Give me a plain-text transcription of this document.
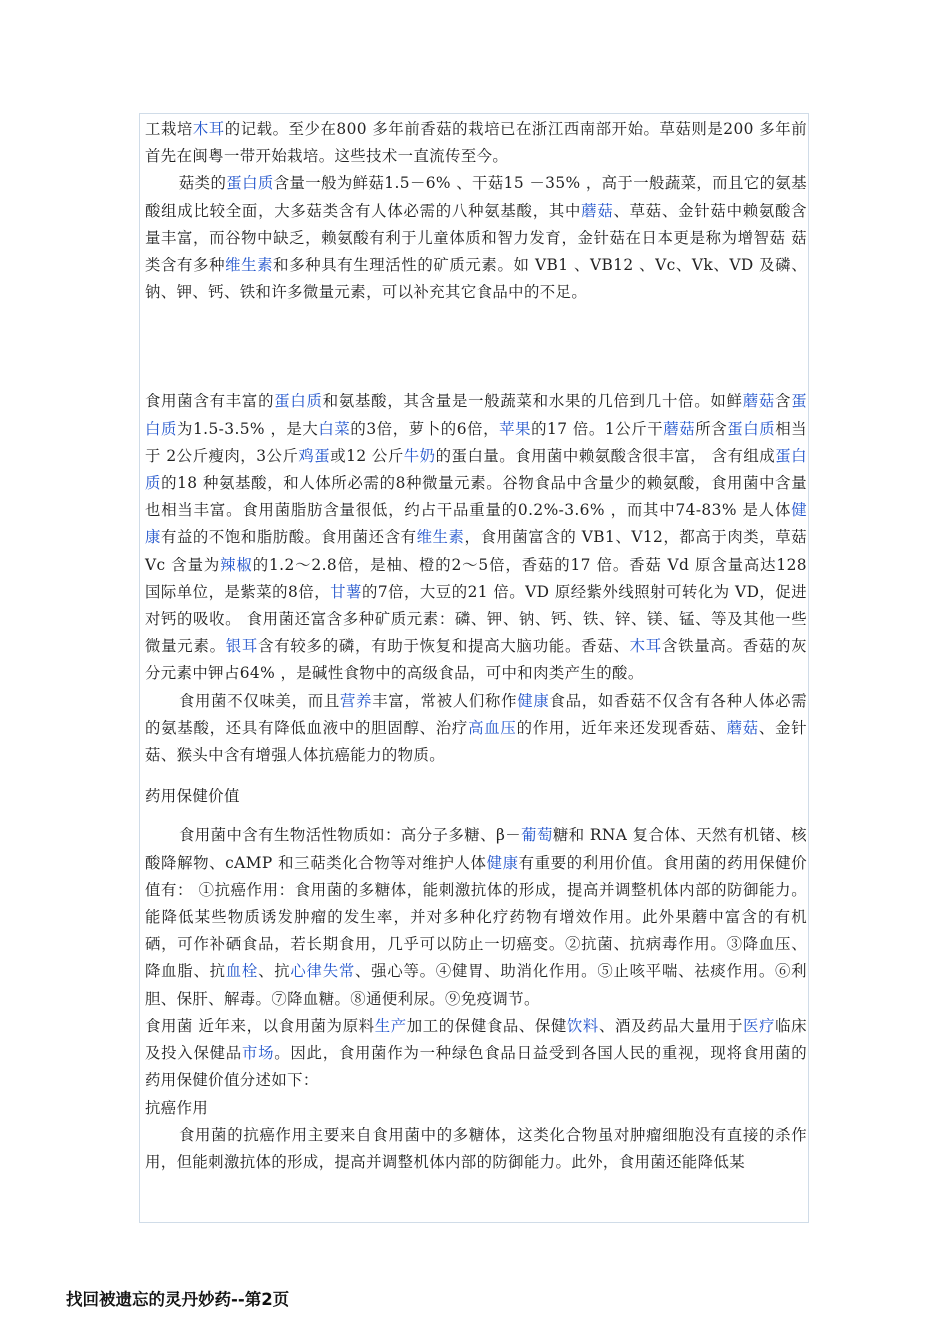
工栽培木耳的记载。至少在800 多年前香菇的栽培已在浙江西南部开始。草菇则是200 多年前首先在闽粤一带开始栽培。这些技术一直流传至今。

菇类的蛋白质含量一般为鲜菇1.5－6% 、干菇15 －35% ，高于一般蔬菜，而且它的氨基酸组成比较全面，大多菇类含有人体必需的八种氨基酸，其中蘑菇、草菇、金针菇中赖氨酸含量丰富，而谷物中缺乏，赖氨酸有利于儿童体质和智力发育，金针菇在日本更是称为增智菇 菇类含有多种维生素和多种具有生理活性的矿质元素。如 VB1 、VB12 、Vc、Vk、VD 及磷、钠、钾、钙、铁和许多微量元素，可以补充其它食品中的不足。

食用菌含有丰富的蛋白质和氨基酸，其含量是一般蔬菜和水果的几倍到几十倍。如鲜蘑菇含蛋白质为1.5-3.5% ，是大白菜的3倍，萝卜的6倍，苹果的17 倍。1公斤干蘑菇所含蛋白质相当于 2公斤瘦肉，3公斤鸡蛋或12 公斤牛奶的蛋白量。食用菌中赖氨酸含很丰富， 含有组成蛋白质的18 种氨基酸，和人体所必需的8种微量元素。谷物食品中含量少的赖氨酸，食用菌中含量也相当丰富。食用菌脂肪含量很低，约占干品重量的0.2%-3.6% ，而其中74-83% 是人体健康有益的不饱和脂肪酸。食用菌还含有维生素，食用菌富含的 VB1、V12，都高于肉类，草菇 Vc 含量为辣椒的1.2～2.8倍，是柚、橙的2～5倍，香菇的17 倍。香菇 Vd 原含量高达128 国际单位，是紫菜的8倍，甘薯的7倍，大豆的21 倍。VD 原经紫外线照射可转化为 VD，促进对钙的吸收。 食用菌还富含多种矿质元素：磷、钾、钠、钙、铁、锌、镁、锰、等及其他一些微量元素。银耳含有较多的磷，有助于恢复和提高大脑功能。香菇、木耳含铁量高。香菇的灰分元素中钾占64% ，是碱性食物中的高级食品，可中和肉类产生的酸。

食用菌不仅味美，而且营养丰富，常被人们称作健康食品，如香菇不仅含有各种人体必需的氨基酸，还具有降低血液中的胆固醇、治疗高血压的作用，近年来还发现香菇、蘑菇、金针菇、猴头中含有增强人体抗癌能力的物质。

药用保健价值

食用菌中含有生物活性物质如：高分子多糖、β－葡萄糖和 RNA 复合体、天然有机锗、核酸降解物、cAMP 和三萜类化合物等对维护人体健康有重要的利用价值。食用菌的药用保健价值有： ①抗癌作用：食用菌的多糖体，能刺激抗体的形成，提高并调整机体内部的防御能力。能降低某些物质诱发肿瘤的发生率，并对多种化疗药物有增效作用。此外果蘑中富含的有机硒，可作补硒食品，若长期食用，几乎可以防止一切癌变。②抗菌、抗病毒作用。③降血压、降血脂、抗血栓、抗心律失常、强心等。④健胃、助消化作用。⑤止咳平喘、祛痰作用。⑥利胆、保肝、解毒。⑦降血糖。⑧通便利尿。⑨免疫调节。

食用菌 近年来，以食用菌为原料生产加工的保健食品、保健饮料、酒及药品大量用于医疗临床及投入保健品市场。因此，食用菌作为一种绿色食品日益受到各国人民的重视，现将食用菌的药用保健价值分述如下：

抗癌作用

食用菌的抗癌作用主要来自食用菌中的多糖体，这类化合物虽对肿瘤细胞没有直接的杀作用，但能刺激抗体的形成，提高并调整机体内部的防御能力。此外，食用菌还能降低某

找回被遗忘的灵丹妙药--第2页
